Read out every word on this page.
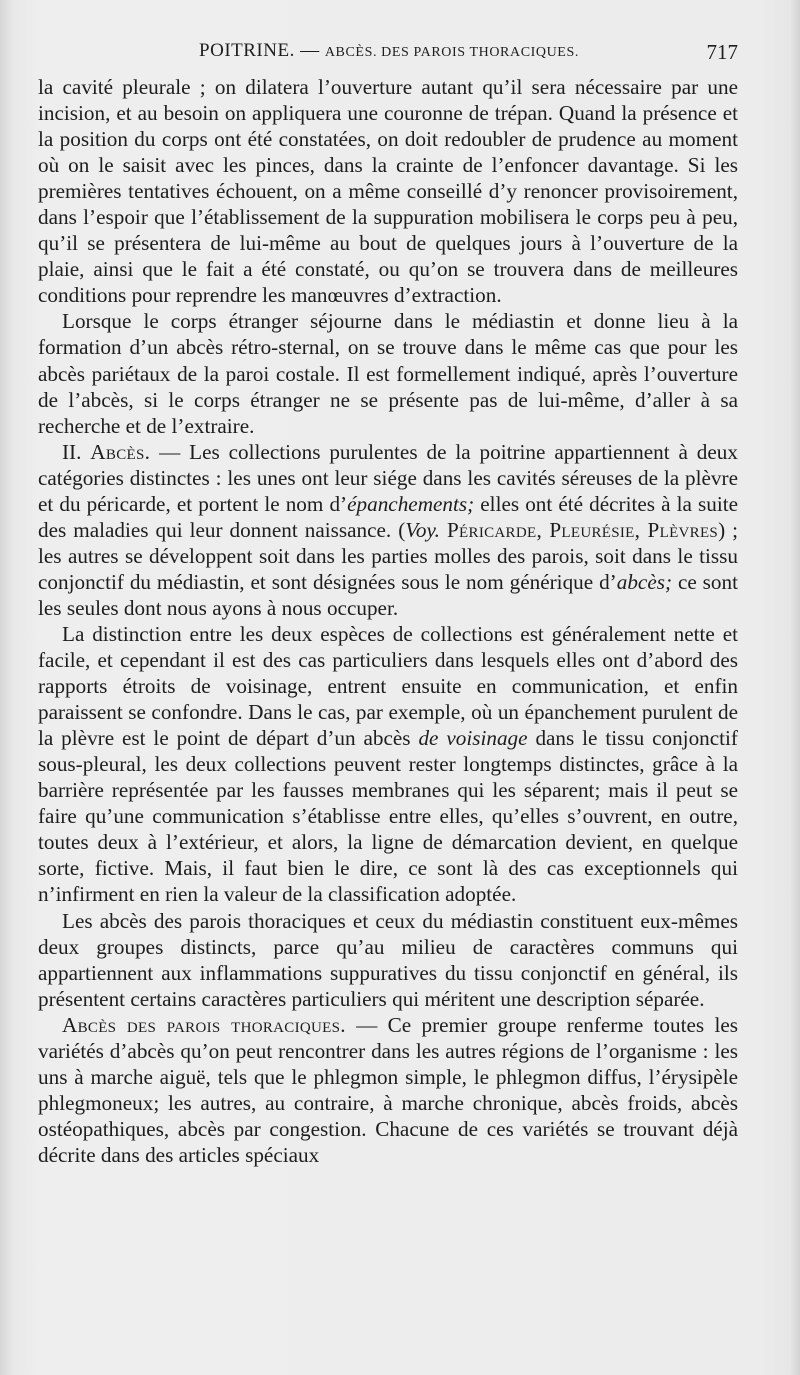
POITRINE. — ABCÈS. DES PAROIS THORACIQUES.	717

la cavité pleurale ; on dilatera l’ouverture autant qu’il sera nécessaire par une incision, et au besoin on appliquera une couronne de trépan. Quand la présence et la position du corps ont été constatées, on doit redoubler de prudence au moment où on le saisit avec les pinces, dans la crainte de l’enfoncer davantage. Si les premières tentatives échouent, on a même conseillé d’y renoncer provisoirement, dans l’espoir que l’établissement de la suppuration mobilisera le corps peu à peu, qu’il se présentera de lui-même au bout de quelques jours à l’ouverture de la plaie, ainsi que le fait a été constaté, ou qu’on se trouvera dans de meilleures conditions pour reprendre les manœuvres d’extraction.

Lorsque le corps étranger séjourne dans le médiastin et donne lieu à la formation d’un abcès rétro-sternal, on se trouve dans le même cas que pour les abcès pariétaux de la paroi costale. Il est formellement indiqué, après l’ouverture de l’abcès, si le corps étranger ne se présente pas de lui-même, d’aller à sa recherche et de l’extraire.

II. Abcès. — Les collections purulentes de la poitrine appartiennent à deux catégories distinctes : les unes ont leur siége dans les cavités séreuses de la plèvre et du péricarde, et portent le nom d’épanchements; elles ont été décrites à la suite des maladies qui leur donnent naissance. (Voy. Péricarde, Pleurésie, Plèvres) ; les autres se développent soit dans les parties molles des parois, soit dans le tissu conjonctif du médiastin, et sont désignées sous le nom générique d’abcès; ce sont les seules dont nous ayons à nous occuper.

La distinction entre les deux espèces de collections est généralement nette et facile, et cependant il est des cas particuliers dans lesquels elles ont d’abord des rapports étroits de voisinage, entrent ensuite en communication, et enfin paraissent se confondre. Dans le cas, par exemple, où un épanchement purulent de la plèvre est le point de départ d’un abcès de voisinage dans le tissu conjonctif sous-pleural, les deux collections peuvent rester longtemps distinctes, grâce à la barrière représentée par les fausses membranes qui les séparent; mais il peut se faire qu’une communication s’établisse entre elles, qu’elles s’ouvrent, en outre, toutes deux à l’extérieur, et alors, la ligne de démarcation devient, en quelque sorte, fictive. Mais, il faut bien le dire, ce sont là des cas exceptionnels qui n’infirment en rien la valeur de la classification adoptée.

Les abcès des parois thoraciques et ceux du médiastin constituent eux-mêmes deux groupes distincts, parce qu’au milieu de caractères communs qui appartiennent aux inflammations suppuratives du tissu conjonctif en général, ils présentent certains caractères particuliers qui méritent une description séparée.

Abcès des parois thoraciques. — Ce premier groupe renferme toutes les variétés d’abcès qu’on peut rencontrer dans les autres régions de l’organisme : les uns à marche aiguë, tels que le phlegmon simple, le phlegmon diffus, l’érysipèle phlegmoneux; les autres, au contraire, à marche chronique, abcès froids, abcès ostéopathiques, abcès par congestion. Chacune de ces variétés se trouvant déjà décrite dans des articles spéciaux
